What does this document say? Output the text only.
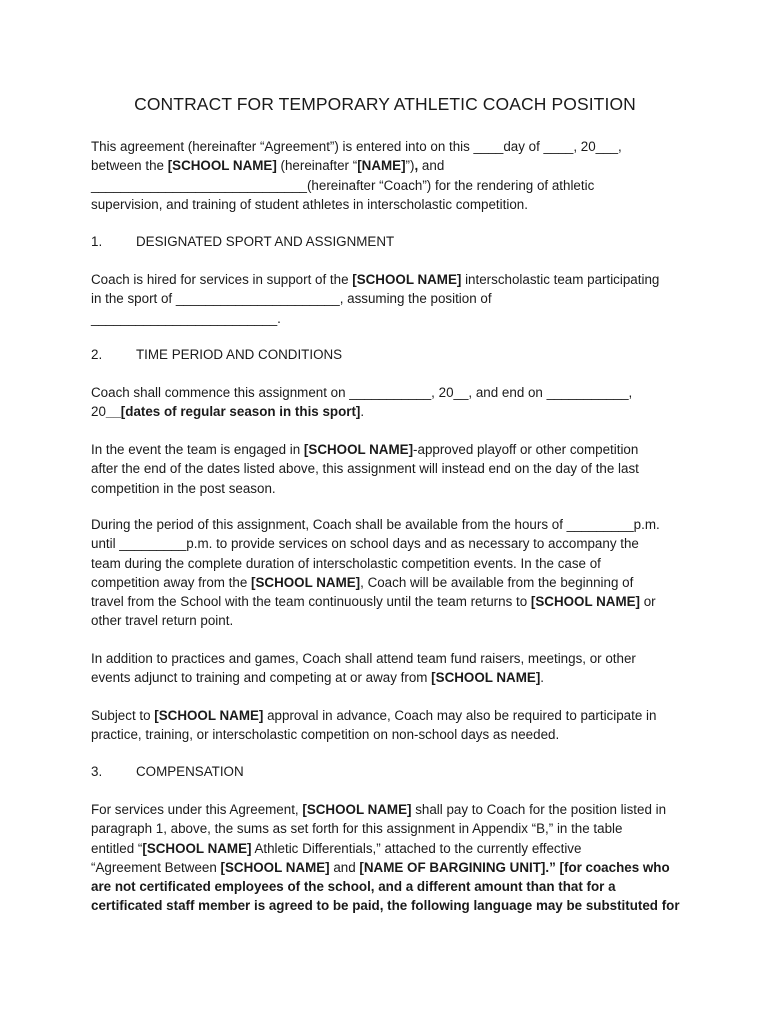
CONTRACT FOR TEMPORARY ATHLETIC COACH POSITION
This agreement (hereinafter “Agreement”) is entered into on this ____day of ____, 20___,
between the [SCHOOL NAME] (hereinafter “[NAME]”), and
_____________________________(hereinafter “Coach”) for the rendering of athletic
supervision, and training of student athletes in interscholastic competition.
1.	DESIGNATED SPORT AND ASSIGNMENT
Coach is hired for services in support of the [SCHOOL NAME] interscholastic team participating
in the sport of ______________________, assuming the position of
_________________________.
2.	TIME PERIOD AND CONDITIONS
Coach shall commence this assignment on ___________, 20__, and end on ___________,
20__[dates of regular season in this sport].
In the event the team is engaged in [SCHOOL NAME]-approved playoff or other competition
after the end of the dates listed above, this assignment will instead end on the day of the last
competition in the post season.
During the period of this assignment, Coach shall be available from the hours of _________p.m.
until _________p.m. to provide services on school days and as necessary to accompany the
team during the complete duration of interscholastic competition events. In the case of
competition away from the [SCHOOL NAME], Coach will be available from the beginning of
travel from the School with the team continuously until the team returns to [SCHOOL NAME] or
other travel return point.
In addition to practices and games, Coach shall attend team fund raisers, meetings, or other
events adjunct to training and competing at or away from [SCHOOL NAME].
Subject to [SCHOOL NAME] approval in advance, Coach may also be required to participate in
practice, training, or interscholastic competition on non-school days as needed.
3.	COMPENSATION
For services under this Agreement, [SCHOOL NAME] shall pay to Coach for the position listed in
paragraph 1, above, the sums as set forth for this assignment in Appendix “B,” in the table
entitled “[SCHOOL NAME] Athletic Differentials,” attached to the currently effective
“Agreement Between [SCHOOL NAME] and [NAME OF BARGINING UNIT].” [for coaches who
are not certificated employees of the school, and a different amount than that for a
certificated staff member is agreed to be paid, the following language may be substituted for
